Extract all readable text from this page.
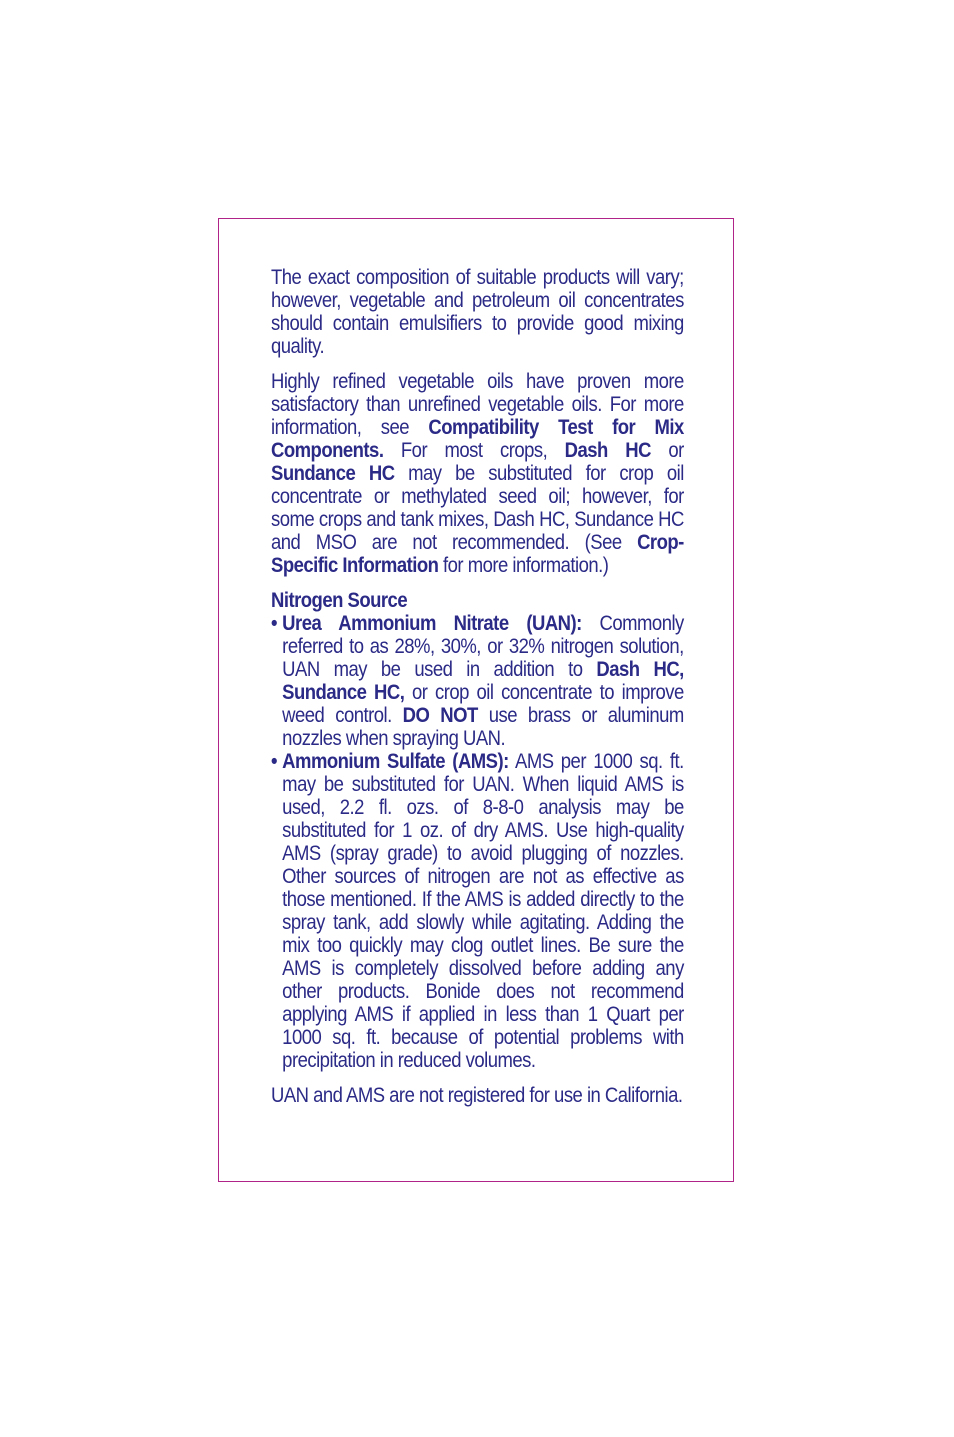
The exact composition of suitable products will vary; however, vegetable and petroleum oil concentrates should contain emulsifiers to provide good mixing quality.

Highly refined vegetable oils have proven more satisfactory than unrefined vegetable oils. For more information, see Compatibility Test for Mix Components. For most crops, Dash HC or Sundance HC may be substituted for crop oil concentrate or methylated seed oil; however, for some crops and tank mixes, Dash HC, Sundance HC and MSO are not recommended. (See Crop-Specific Information for more information.)

Nitrogen Source
• Urea Ammonium Nitrate (UAN): Commonly referred to as 28%, 30%, or 32% nitrogen solution, UAN may be used in addition to Dash HC, Sundance HC, or crop oil concentrate to improve weed control. DO NOT use brass or aluminum nozzles when spraying UAN.
• Ammonium Sulfate (AMS): AMS per 1000 sq. ft. may be substituted for UAN. When liquid AMS is used, 2.2 fl. ozs. of 8-8-0 analysis may be substituted for 1 oz. of dry AMS. Use high-quality AMS (spray grade) to avoid plugging of nozzles. Other sources of nitrogen are not as effective as those mentioned. If the AMS is added directly to the spray tank, add slowly while agitating. Adding the mix too quickly may clog outlet lines. Be sure the AMS is completely dissolved before adding any other products. Bonide does not recommend applying AMS if applied in less than 1 Quart per 1000 sq. ft. because of potential problems with precipitation in reduced volumes.

UAN and AMS are not registered for use in California.
